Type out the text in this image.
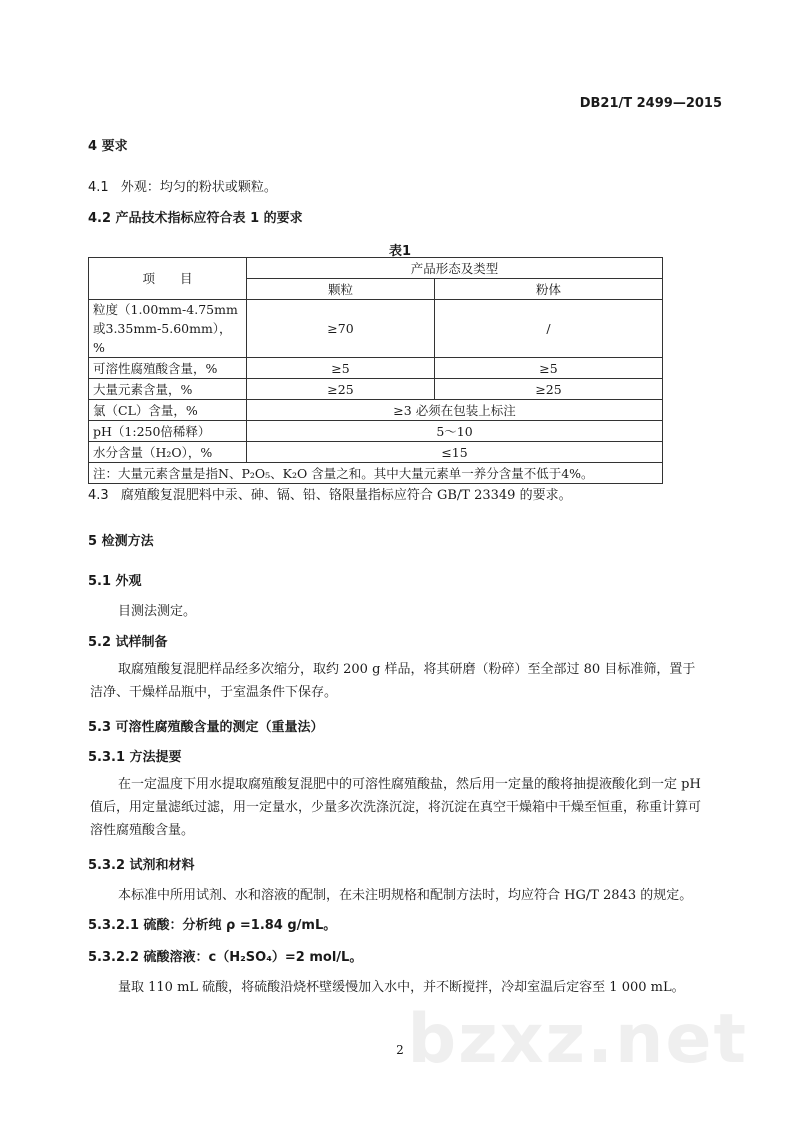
DB21/T 2499—2015
4 要求
4.1 外观：均匀的粉状或颗粒。
4.2 产品技术指标应符合表 1 的要求
表1
项　　目	产品形态及类型	
	颗粒	粉体

粒度（1.00mm-4.75mm
或3.35mm-5.60mm），%	≥70	/
可溶性腐殖酸含量，%	≥5	≥5
大量元素含量，%	≥25	≥25
氯（CL）含量，%	≥3 必须在包装上标注	
pH（1:250倍稀释）	5～10	
水分含量（H₂O），%	≤15	
注：大量元素含量是指N、P₂O₅、K₂O 含量之和。其中大量元素单一养分含量不低于4%。		
4.3 腐殖酸复混肥料中汞、砷、镉、铅、铬限量指标应符合 GB/T 23349 的要求。
5 检测方法
5.1 外观
目测法测定。
5.2 试样制备
取腐殖酸复混肥样品经多次缩分，取约 200 g 样品，将其研磨（粉碎）至全部过 80 目标准筛，置于洁净、干燥样品瓶中，于室温条件下保存。
5.3 可溶性腐殖酸含量的测定（重量法）
5.3.1 方法提要
在一定温度下用水提取腐殖酸复混肥中的可溶性腐殖酸盐，然后用一定量的酸将抽提液酸化到一定 pH 值后，用定量滤纸过滤，用一定量水，少量多次洗涤沉淀，将沉淀在真空干燥箱中干燥至恒重，称重计算可溶性腐殖酸含量。
5.3.2 试剂和材料
本标准中所用试剂、水和溶液的配制，在未注明规格和配制方法时，均应符合 HG/T 2843 的规定。
5.3.2.1 硫酸：分析纯 ρ =1.84 g/mL。
5.3.2.2 硫酸溶液：c（H₂SO₄）=2 mol/L。
量取 110 mL 硫酸，将硫酸沿烧杯壁缓慢加入水中，并不断搅拌，冷却室温后定容至 1 000 mL。
bzxz.net
2
